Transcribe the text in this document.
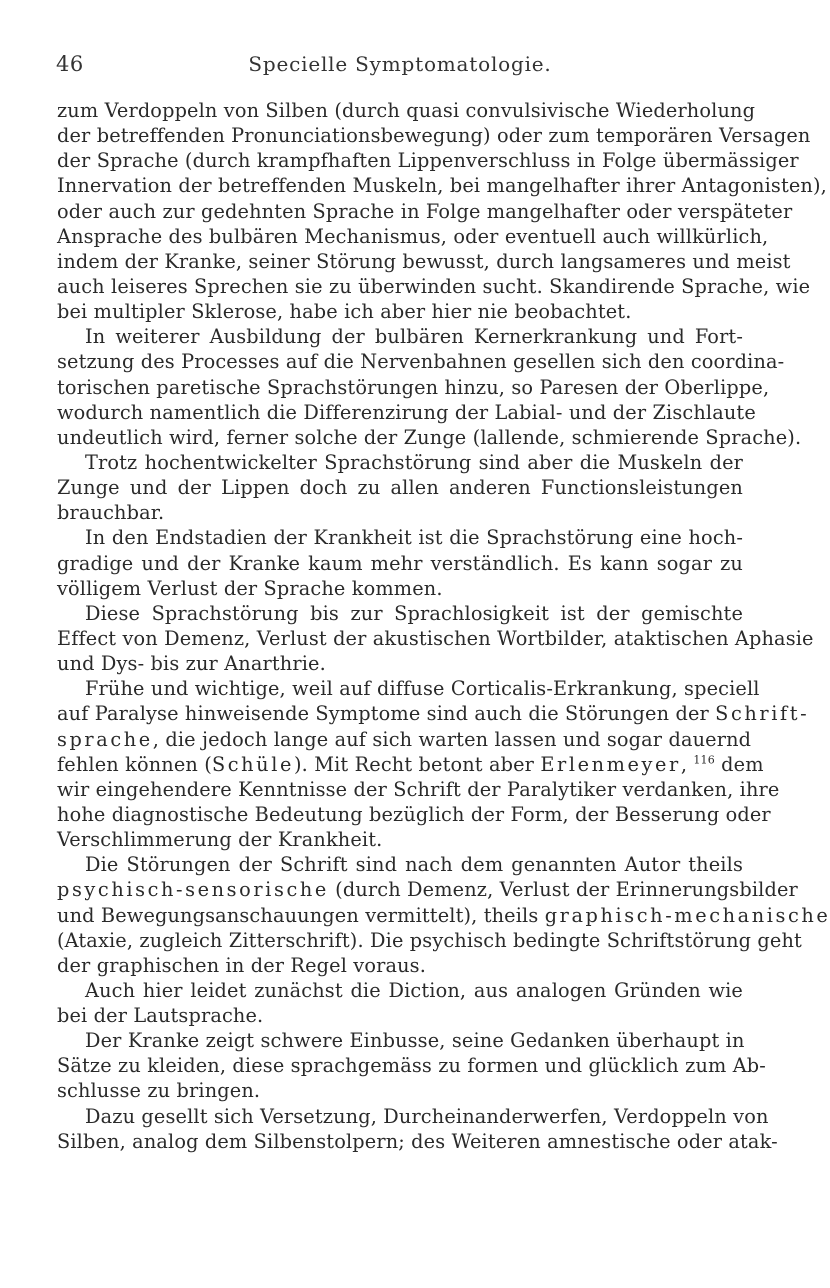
46	Specielle Symptomatologie.
zum Verdoppeln von Silben (durch quasi convulsivische Wiederholung
der betreffenden Pronunciationsbewegung) oder zum temporären Versagen
der Sprache (durch krampfhaften Lippenverschluss in Folge übermässiger
Innervation der betreffenden Muskeln, bei mangelhafter ihrer Antagonisten),
oder auch zur gedehnten Sprache in Folge mangelhafter oder verspäteter
Ansprache des bulbären Mechanismus, oder eventuell auch willkürlich,
indem der Kranke, seiner Störung bewusst, durch langsameres und meist
auch leiseres Sprechen sie zu überwinden sucht. Skandirende Sprache, wie
bei multipler Sklerose, habe ich aber hier nie beobachtet.
In weiterer Ausbildung der bulbären Kernerkrankung und Fort-
setzung des Processes auf die Nervenbahnen gesellen sich den coordina-
torischen paretische Sprachstörungen hinzu, so Paresen der Oberlippe,
wodurch namentlich die Differenzirung der Labial- und der Zischlaute
undeutlich wird, ferner solche der Zunge (lallende, schmierende Sprache).
Trotz hochentwickelter Sprachstörung sind aber die Muskeln der
Zunge und der Lippen doch zu allen anderen Functionsleistungen
brauchbar.
In den Endstadien der Krankheit ist die Sprachstörung eine hoch-
gradige und der Kranke kaum mehr verständlich. Es kann sogar zu
völligem Verlust der Sprache kommen.
Diese Sprachstörung bis zur Sprachlosigkeit ist der gemischte
Effect von Demenz, Verlust der akustischen Wortbilder, ataktischen Aphasie
und Dys- bis zur Anarthrie.
Frühe und wichtige, weil auf diffuse Corticalis-Erkrankung, speciell
auf Paralyse hinweisende Symptome sind auch die Störungen der Schrift-
sprache, die jedoch lange auf sich warten lassen und sogar dauernd
fehlen können (Schüle). Mit Recht betont aber Erlenmeyer, $^{116}$ dem
wir eingehendere Kenntnisse der Schrift der Paralytiker verdanken, ihre
hohe diagnostische Bedeutung bezüglich der Form, der Besserung oder
Verschlimmerung der Krankheit.
Die Störungen der Schrift sind nach dem genannten Autor theils
psychisch-sensorische (durch Demenz, Verlust der Erinnerungsbilder
und Bewegungsanschauungen vermittelt), theils graphisch-mechanische
(Ataxie, zugleich Zitterschrift). Die psychisch bedingte Schriftstörung geht
der graphischen in der Regel voraus.
Auch hier leidet zunächst die Diction, aus analogen Gründen wie
bei der Lautsprache.
Der Kranke zeigt schwere Einbusse, seine Gedanken überhaupt in
Sätze zu kleiden, diese sprachgemäss zu formen und glücklich zum Ab-
schlusse zu bringen.
Dazu gesellt sich Versetzung, Durcheinanderwerfen, Verdoppeln von
Silben, analog dem Silbenstolpern; des Weiteren amnestische oder atak-
